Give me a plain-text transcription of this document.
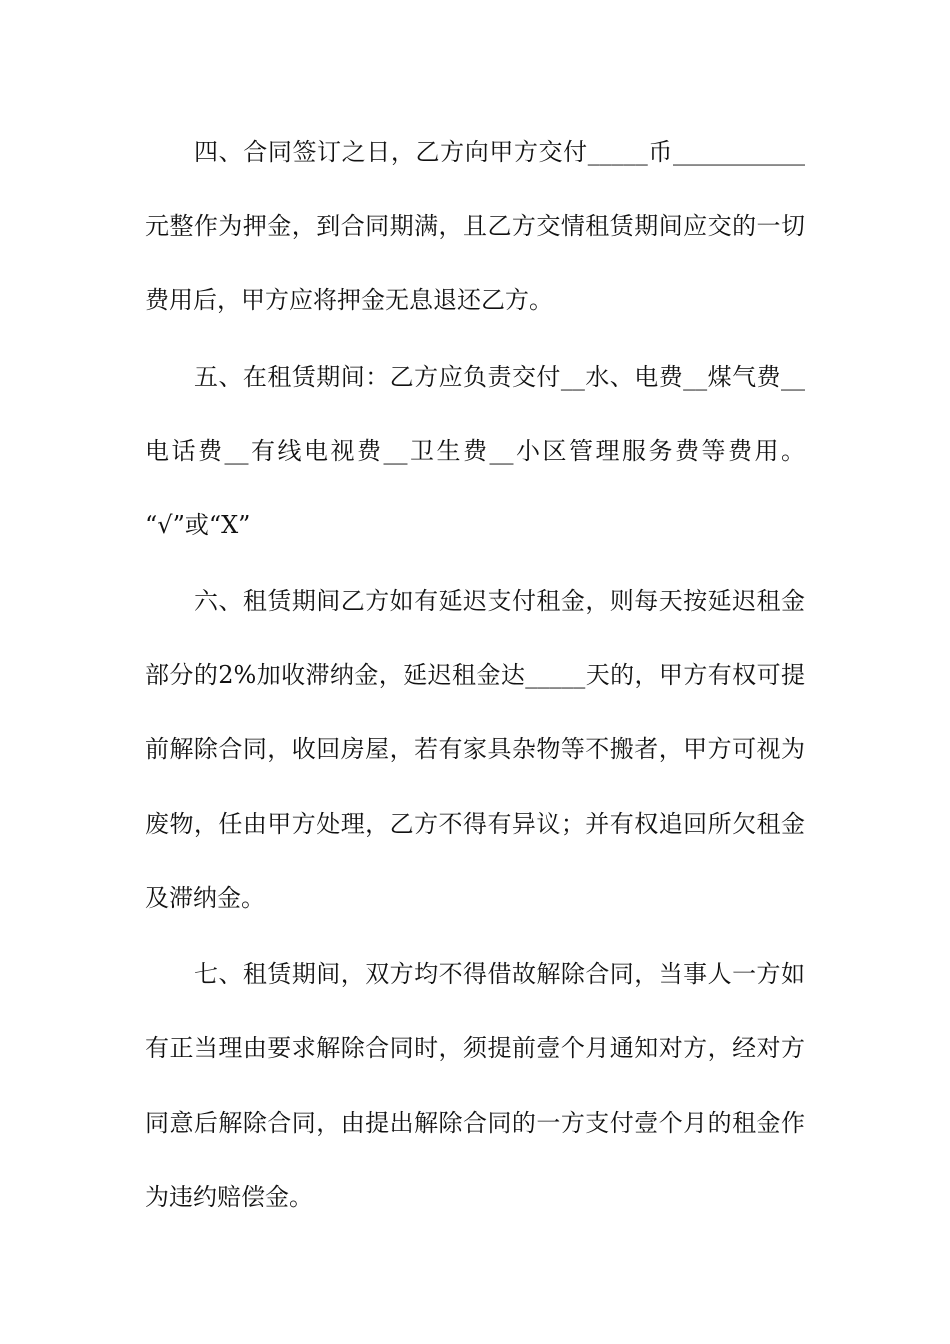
四、合同签订之日，乙方向甲方交付_____币___________
元整作为押金，到合同期满，且乙方交情租赁期间应交的一切
费用后，甲方应将押金无息退还乙方。
五、在租赁期间：乙方应负责交付__水、电费__煤气费__
电话费__有线电视费__卫生费__小区管理服务费等费用。
“√”或“X”
六、租赁期间乙方如有延迟支付租金，则每天按延迟租金
部分的2%加收滞纳金，延迟租金达_____天的，甲方有权可提
前解除合同，收回房屋，若有家具杂物等不搬者，甲方可视为
废物，任由甲方处理，乙方不得有异议；并有权追回所欠租金
及滞纳金。
七、租赁期间，双方均不得借故解除合同，当事人一方如
有正当理由要求解除合同时，须提前壹个月通知对方，经对方
同意后解除合同，由提出解除合同的一方支付壹个月的租金作
为违约赔偿金。
